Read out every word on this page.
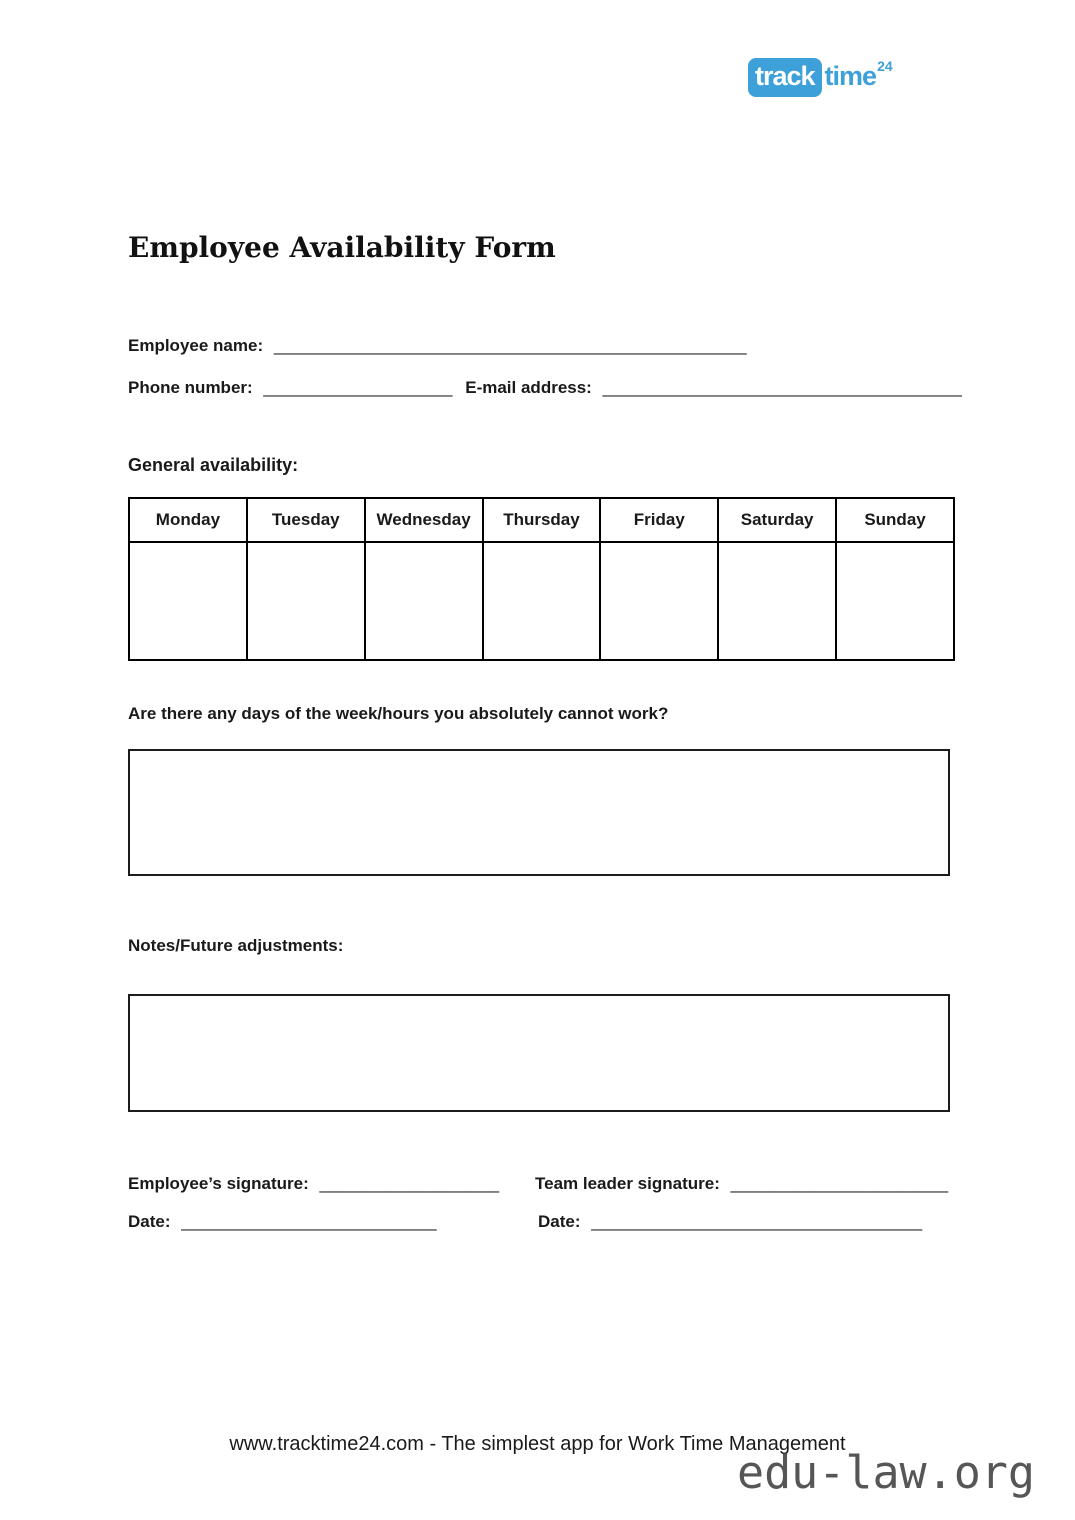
track time 24
Employee Availability Form
Employee name: __________________________________________________
Phone number: ____________________ E-mail address: ______________________________________
General availability:
Monday	Tuesday	Wednesday	Thursday	Friday	Saturday	Sunday

Are there any days of the week/hours you absolutely cannot work?
Notes/Future adjustments:
Employee’s signature: ___________________ Team leader signature: _______________________
Date: ___________________________	Date: ___________________________________
www.tracktime24.com - The simplest app for Work Time Management
edu-law.org
